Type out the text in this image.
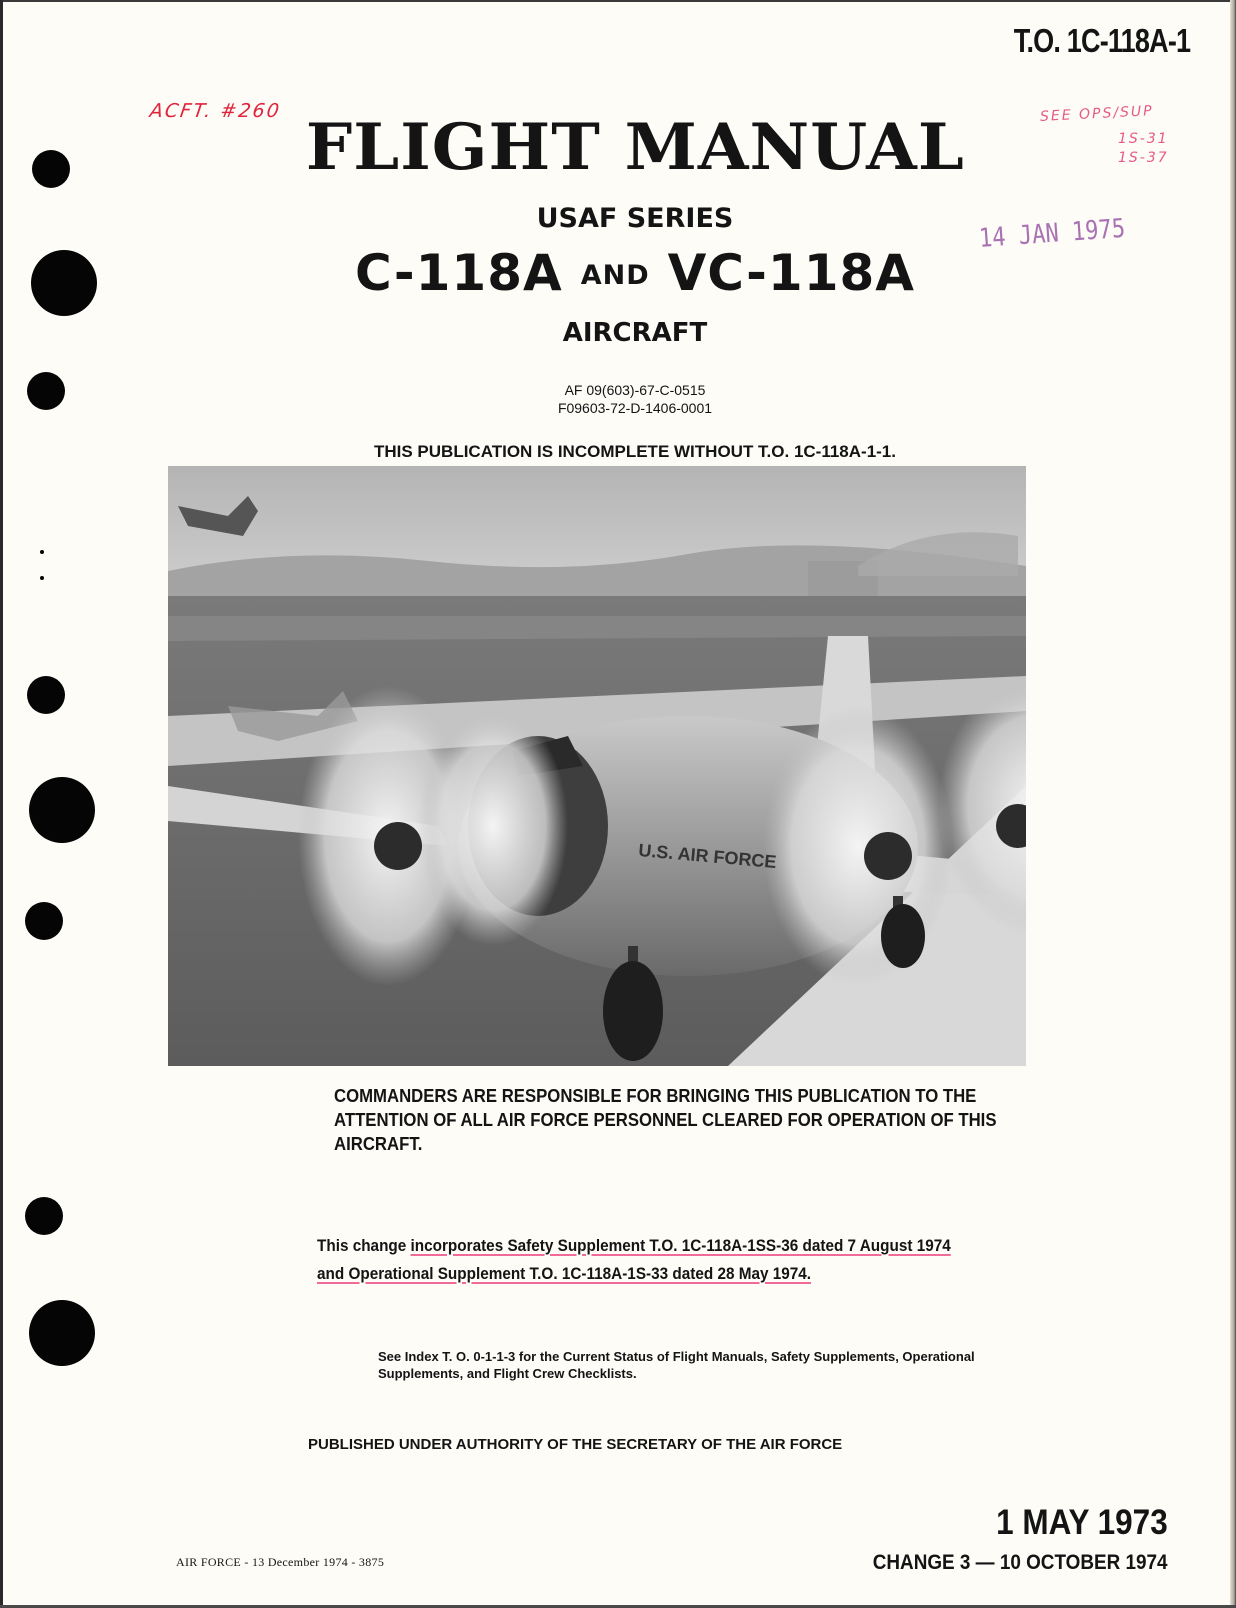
T.O. 1C-118A-1
ACFT. #260	SEE OPS/SUP
1S-31
1S-37
14 JAN 1975
FLIGHT MANUAL
USAF SERIES
C-118A AND VC-118A
AIRCRAFT
AF 09(603)-67-C-0515
F09603-72-D-1406-0001
THIS PUBLICATION IS INCOMPLETE WITHOUT T.O. 1C-118A-1-1.
U.S. AIR FORCE
COMMANDERS ARE RESPONSIBLE FOR BRINGING THIS PUBLICATION TO THE ATTENTION OF ALL AIR FORCE PERSONNEL CLEARED FOR OPERATION OF THIS AIRCRAFT.
This change incorporates Safety Supplement T.O. 1C-118A-1SS-36 dated 7 August 1974
and Operational Supplement T.O. 1C-118A-1S-33 dated 28 May 1974.
See Index T. O. 0-1-1-3 for the Current Status of Flight Manuals, Safety Supplements, Operational Supplements, and Flight Crew Checklists.
PUBLISHED UNDER AUTHORITY OF THE SECRETARY OF THE AIR FORCE
1 MAY 1973
CHANGE 3 — 10 OCTOBER 1974
AIR FORCE - 13 December 1974 - 3875
